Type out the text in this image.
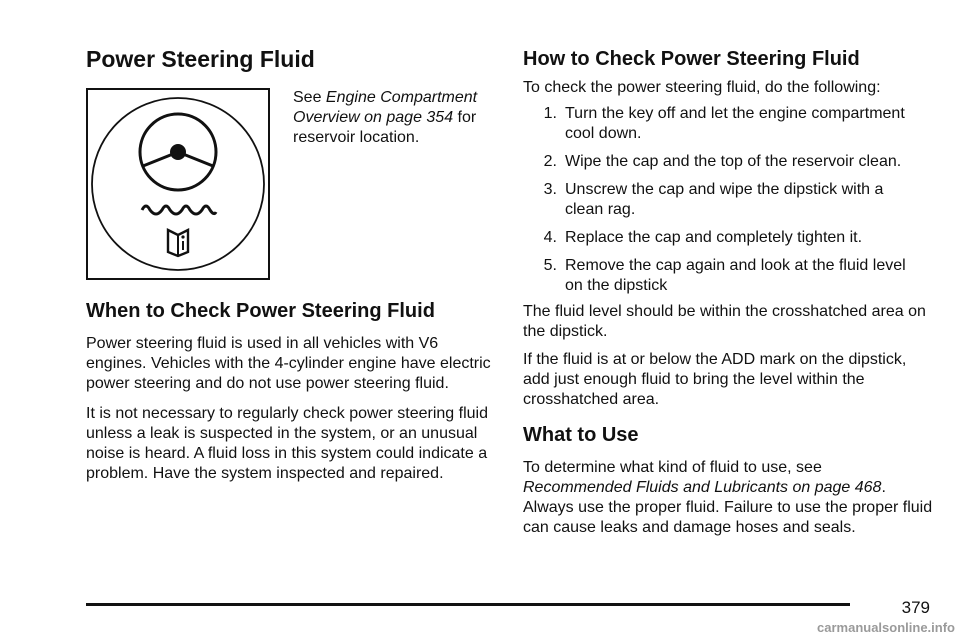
Power Steering Fluid

See Engine Compartment Overview on page 354 for reservoir location.

When to Check Power Steering Fluid

Power steering fluid is used in all vehicles with V6 engines. Vehicles with the 4-cylinder engine have electric power steering and do not use power steering fluid.

It is not necessary to regularly check power steering fluid unless a leak is suspected in the system, or an unusual noise is heard. A fluid loss in this system could indicate a problem. Have the system inspected and repaired.

How to Check Power Steering Fluid

To check the power steering fluid, do the following:

1. Turn the key off and let the engine compartment cool down.
2. Wipe the cap and the top of the reservoir clean.
3. Unscrew the cap and wipe the dipstick with a clean rag.
4. Replace the cap and completely tighten it.
5. Remove the cap again and look at the fluid level on the dipstick

The fluid level should be within the crosshatched area on the dipstick.

If the fluid is at or below the ADD mark on the dipstick, add just enough fluid to bring the level within the crosshatched area.

What to Use

To determine what kind of fluid to use, see Recommended Fluids and Lubricants on page 468. Always use the proper fluid. Failure to use the proper fluid can cause leaks and damage hoses and seals.

379
carmanualsonline.info
